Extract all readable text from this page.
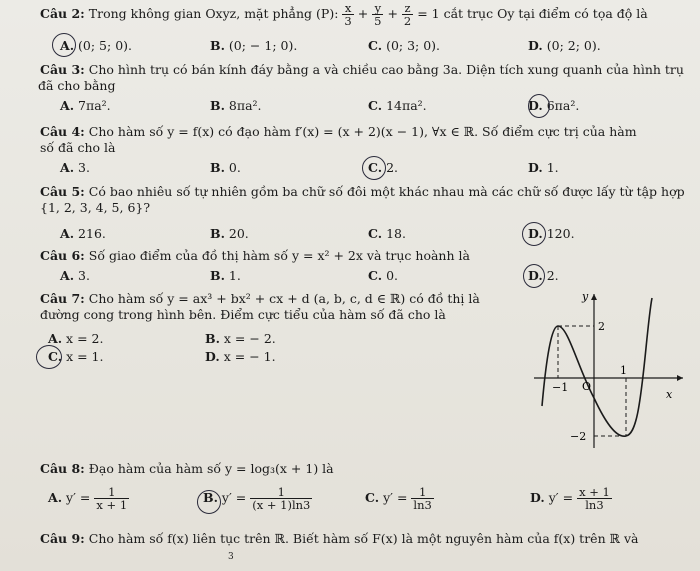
Câu 2: Trong không gian Oxyz, mặt phẳng (P): $\frac{x}{3} + \frac{y}{5} + \frac{z}{2} = 1$ cắt trục Oy tại điểm có tọa độ là
A. (0; 5; 0).	B. (0; − 1; 0).	C. (0; 3; 0).	D. (0; 2; 0).
Câu 3: Cho hình trụ có bán kính đáy bằng a và chiều cao bằng 3a. Diện tích xung quanh của hình trụ
đã cho bằng
A. 7πa².	B. 8πa².	C. 14πa².	D. 6πa².
Câu 4: Cho hàm số y = f(x) có đạo hàm f′(x) = (x + 2)(x − 1), ∀x ∈ ℝ. Số điểm cực trị của hàm
số đã cho là
A. 3.	B. 0.	C. 2.	D. 1.
Câu 5: Có bao nhiêu số tự nhiên gồm ba chữ số đôi một khác nhau mà các chữ số được lấy từ tập hợp
{1, 2, 3, 4, 5, 6}?
A. 216.	B. 20.	C. 18.	D. 120.
Câu 6: Số giao điểm của đồ thị hàm số y = x² + 2x và trục hoành là
A. 3.	B. 1.	C. 0.	D. 2.
Câu 7: Cho hàm số y = ax³ + bx² + cx + d (a, b, c, d ∈ ℝ) có đồ thị là
đường cong trong hình bên. Điểm cực tiểu của hàm số đã cho là
A. x = 2.	B. x = − 2.
C. x = 1.	D. x = − 1.
y
x
O
2
1
−1
−2
Câu 8: Đạo hàm của hàm số y = log₃(x + 1) là
A. $y' = \frac{1}{x + 1}$	B. $y' = \frac{1}{(x + 1)\ln 3}$	C. $y' = \frac{1}{\ln 3}$	D. $y' = \frac{x + 1}{\ln 3}$
Câu 9: Cho hàm số f(x) liên tục trên ℝ. Biết hàm số F(x) là một nguyên hàm của f(x) trên ℝ và
3
